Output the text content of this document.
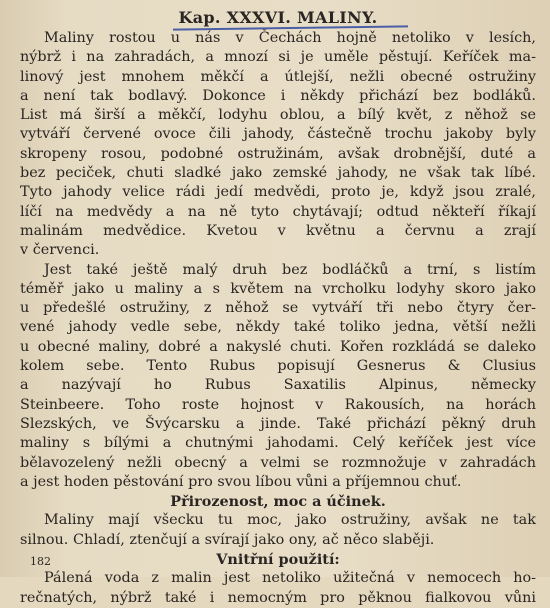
Kap. XXXVI. MALINY.
Maliny rostou u nás v Čechách hojně netoliko v lesích,
nýbrž i na zahradách, a mnozí si je uměle pěstují. Keříček ma-
linový jest mnohem měkčí a útlejší, nežli obecné ostružiny
a není tak bodlavý. Dokonce i někdy přichází bez bodláků.
List má širší a měkčí, lodyhu oblou, a bílý květ, z něhož se
vytváří červené ovoce čili jahody, částečně trochu jakoby byly
skropeny rosou, podobné ostružinám, avšak drobnější, duté a
bez peciček, chuti sladké jako zemské jahody, ne však tak líbé.
Tyto jahody velice rádi jedí medvědi, proto je, když jsou zralé,
líčí na medvědy a na ně tyto chytávají; odtud někteří říkají
malinám medvědice. Kvetou v květnu a červnu a zrají
v červenci.
Jest také ještě malý druh bez bodláčků a trní, s listím
téměř jako u maliny a s květem na vrcholku lodyhy skoro jako
u předešlé ostružiny, z něhož se vytváří tři nebo čtyry čer-
vené jahody vedle sebe, někdy také toliko jedna, větší nežli
u obecné maliny, dobré a nakyslé chuti. Kořen rozkládá se daleko
kolem sebe. Tento Rubus popisují Gesnerus & Clusius
a nazývají ho Rubus Saxatilis Alpinus, německy
Steinbeere. Toho roste hojnost v Rakousích, na horách
Slezských, ve Švýcarsku a jinde. Také přichází pěkný druh
maliny s bílými a chutnými jahodami. Celý keříček jest více
bělavozelený nežli obecný a velmi se rozmnožuje v zahradách
a jest hoden pěstování pro svou líbou vůni a příjemnou chuť.
Přirozenost, moc a účinek.
Maliny mají všecku tu moc, jako ostružiny, avšak ne tak
silnou. Chladí, ztenčují a svírají jako ony, ač něco slaběji.
Vnitřní použití:
Pálená voda z malin jest netoliko užitečná v nemocech ho-
rečnatých, nýbrž také i nemocným pro pěknou fialkovou vůni
182
